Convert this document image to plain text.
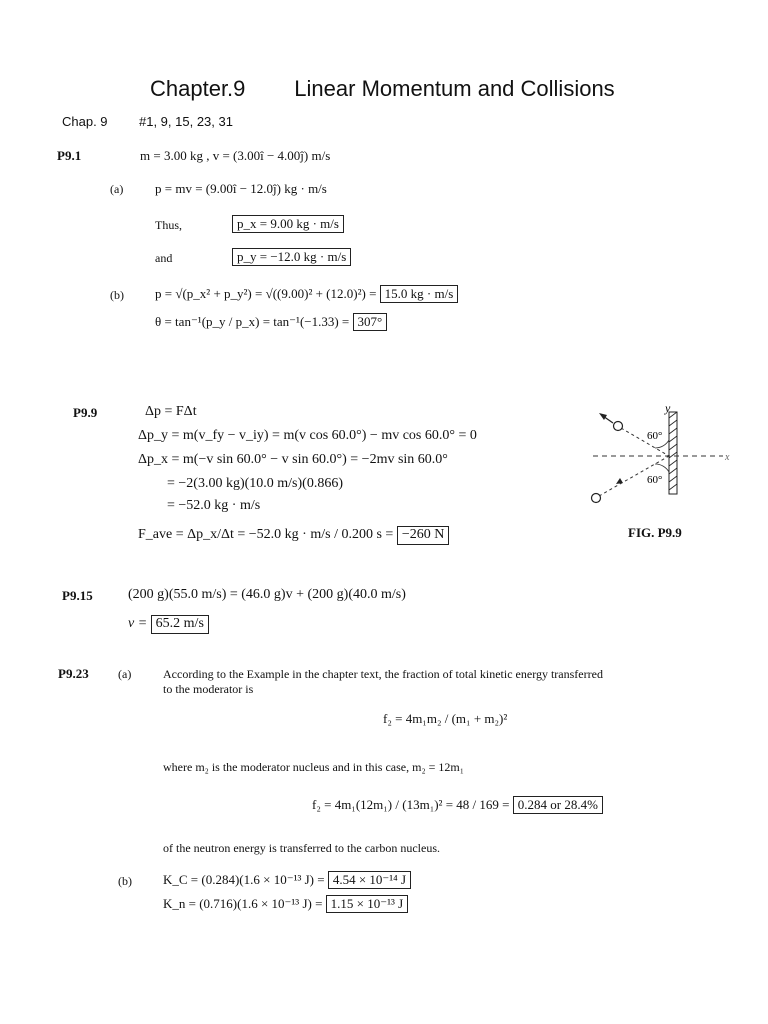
Chapter.9        Linear Momentum and Collisions
Chap. 9 #1, 9, 15, 23, 31
P9.1	m = 3.00 kg , v = (3.00î − 4.00ĵ) m/s
(a) p = mv = (9.00î − 12.0ĵ) kg · m/s
Thus,	p_x = 9.00 kg · m/s
and	p_y = −12.0 kg · m/s
(b) p = √(p_x² + p_y²) = √((9.00)² + (12.0)²) = 15.0 kg · m/s
θ = tan⁻¹(p_y / p_x) = tan⁻¹(−1.33) = 307°
P9.9	Δp = FΔt
Δp_y = m(v_fy − v_iy) = m(v cos 60.0°) − mv cos 60.0° = 0
Δp_x = m(−v sin 60.0° − v sin 60.0°) = −2mv sin 60.0°
= −2(3.00 kg)(10.0 m/s)(0.866)
= −52.0 kg · m/s
F_ave = Δp_x/Δt = −52.0 kg · m/s / 0.200 s = −260 N
y
x
60°
60°
FIG. P9.9
P9.15	(200 g)(55.0 m/s) = (46.0 g)v + (200 g)(40.0 m/s)
v = 65.2 m/s
P9.23 (a)	According to the Example in the chapter text, the fraction of total kinetic energy transferred
to the moderator is
f₂ = 4m₁m₂ / (m₁ + m₂)²
where m₂ is the moderator nucleus and in this case, m₂ = 12m₁
f₂ = 4m₁(12m₁) / (13m₁)² = 48 / 169 = 0.284 or 28.4%
of the neutron energy is transferred to the carbon nucleus.
(b) K_C = (0.284)(1.6 × 10⁻¹³ J) = 4.54 × 10⁻¹⁴ J
K_n = (0.716)(1.6 × 10⁻¹³ J) = 1.15 × 10⁻¹³ J
